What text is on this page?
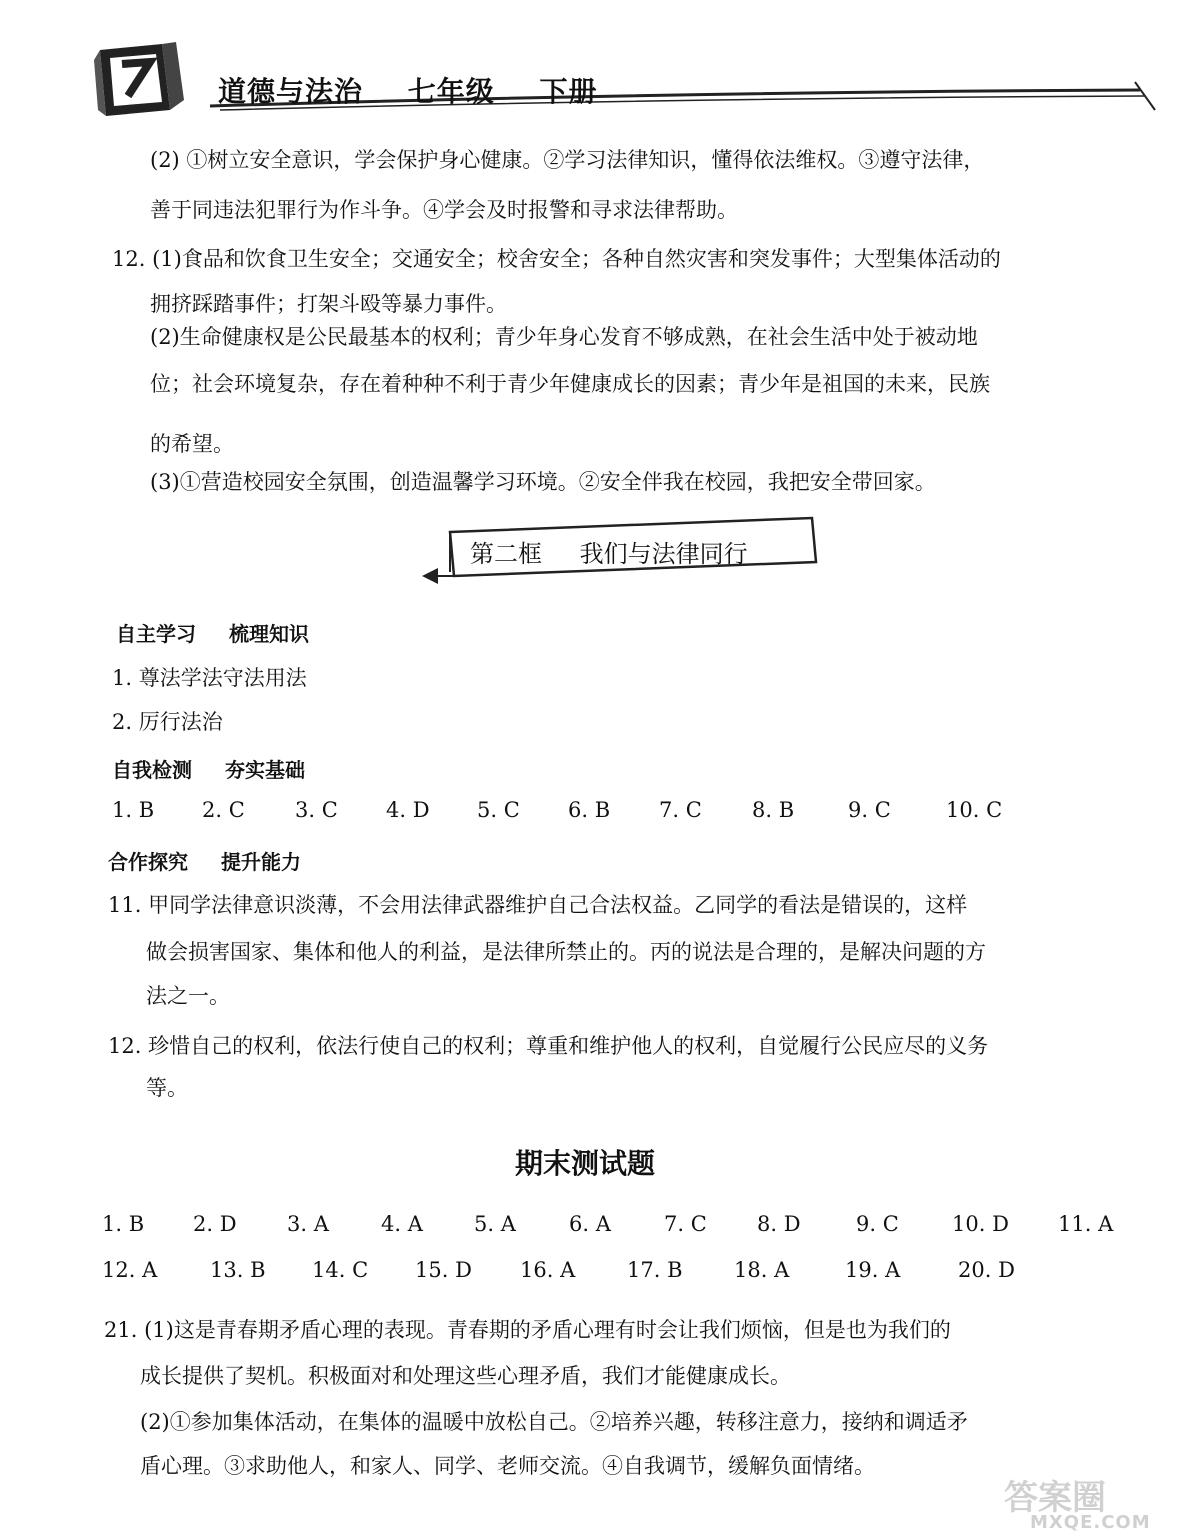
道德与法治 七年级 下册
(2) ①树立安全意识，学会保护身心健康。②学习法律知识，懂得依法维权。③遵守法律，
善于同违法犯罪行为作斗争。④学会及时报警和寻求法律帮助。
12. (1)食品和饮食卫生安全；交通安全；校舍安全；各种自然灾害和突发事件；大型集体活动的
拥挤踩踏事件；打架斗殴等暴力事件。
(2)生命健康权是公民最基本的权利；青少年身心发育不够成熟，在社会生活中处于被动地
位；社会环境复杂，存在着种种不利于青少年健康成长的因素；青少年是祖国的未来，民族
的希望。
(3)①营造校园安全氛围，创造温馨学习环境。②安全伴我在校园，我把安全带回家。
第二框 我们与法律同行
自主学习 梳理知识
1. 尊法学法守法用法
2. 厉行法治
自我检测 夯实基础
1. B 2. C 3. C 4. D 5. C 6. B 7. C 8. B	9. C	10. C
合作探究 提升能力
11. 甲同学法律意识淡薄，不会用法律武器维护自己合法权益。乙同学的看法是错误的，这样
做会损害国家、集体和他人的利益，是法律所禁止的。丙的说法是合理的，是解决问题的方
法之一。
12. 珍惜自己的权利，依法行使自己的权利；尊重和维护他人的权利，自觉履行公民应尽的义务
等。
期末测试题
1. B 2. D 3. A 4. A 5. A	6. A	7. C 8. D	9. C	10. D 11. A
12. A	13. B 14. C 15. D 16. A 17. B 18. A	19. A	20. D
21. (1)这是青春期矛盾心理的表现。青春期的矛盾心理有时会让我们烦恼，但是也为我们的
成长提供了契机。积极面对和处理这些心理矛盾，我们才能健康成长。
(2)①参加集体活动，在集体的温暖中放松自己。②培养兴趣，转移注意力，接纳和调适矛
盾心理。③求助他人，和家人、同学、老师交流。④自我调节，缓解负面情绪。
答案圈
MXQE.COM
